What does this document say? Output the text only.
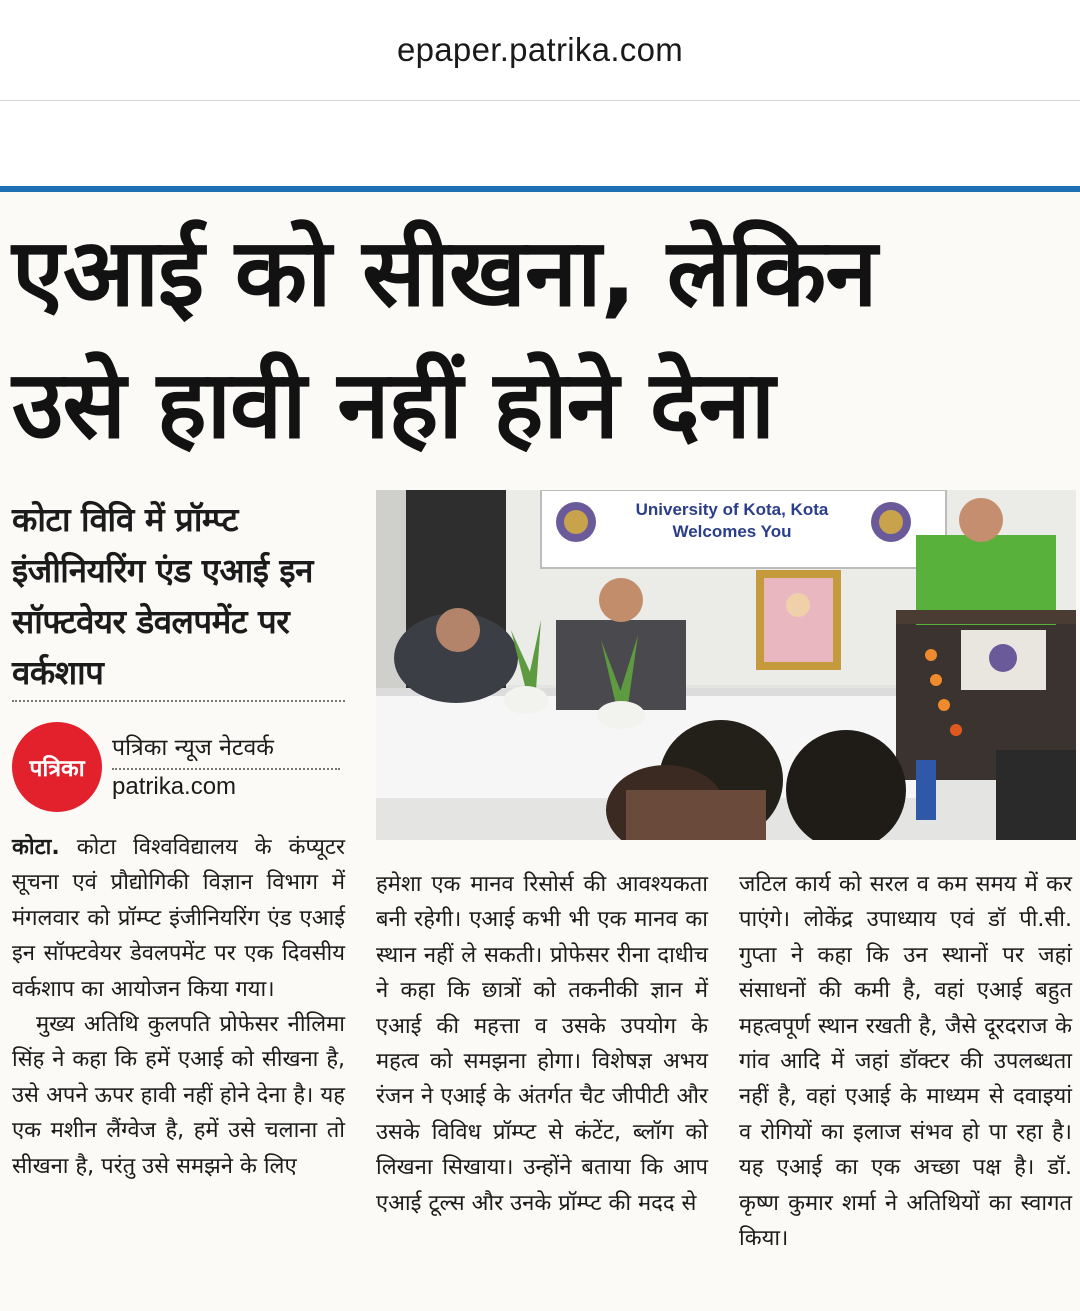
epaper.patrika.com
एआई को सीखना, लेकिन
उसे हावी नहीं होने देना
कोटा विवि में प्रॉम्प्ट इंजीनियरिंग एंड एआई इन सॉफ्टवेयर डेवलपमेंट पर वर्कशाप
पत्रिका
पत्रिका न्यूज नेटवर्क
patrika.com
University of Kota, Kota
Welcomes You

कोटा. कोटा विश्वविद्यालय के कंप्यूटर सूचना एवं प्रौद्योगिकी विज्ञान विभाग में मंगलवार को प्रॉम्प्ट इंजीनियरिंग एंड एआई इन सॉफ्टवेयर डेवलपमेंट पर एक दिवसीय वर्कशाप का आयोजन किया गया।

मुख्य अतिथि कुलपति प्रोफेसर नीलिमा सिंह ने कहा कि हमें एआई को सीखना है, उसे अपने ऊपर हावी नहीं होने देना है। यह एक मशीन लैंग्वेज है, हमें उसे चलाना तो सीखना है, परंतु उसे समझने के लिए

हमेशा एक मानव रिसोर्स की आवश्यकता बनी रहेगी। एआई कभी भी एक मानव का स्थान नहीं ले सकती। प्रोफेसर रीना दाधीच ने कहा कि छात्रों को तकनीकी ज्ञान में एआई की महत्ता व उसके उपयोग के महत्व को समझना होगा। विशेषज्ञ अभय रंजन ने एआई के अंतर्गत चैट जीपीटी और उसके विविध प्रॉम्प्ट से कंटेंट, ब्लॉग को लिखना सिखाया। उन्होंने बताया कि आप एआई टूल्स और उनके प्रॉम्प्ट की मदद से

जटिल कार्य को सरल व कम समय में कर पाएंगे। लोकेंद्र उपाध्याय एवं डॉ पी.सी. गुप्ता ने कहा कि उन स्थानों पर जहां संसाधनों की कमी है, वहां एआई बहुत महत्वपूर्ण स्थान रखती है, जैसे दूरदराज के गांव आदि में जहां डॉक्टर की उपलब्धता नहीं है, वहां एआई के माध्यम से दवाइयां व रोगियों का इलाज संभव हो पा रहा है। यह एआई का एक अच्छा पक्ष है। डॉ. कृष्ण कुमार शर्मा ने अतिथियों का स्वागत किया।
